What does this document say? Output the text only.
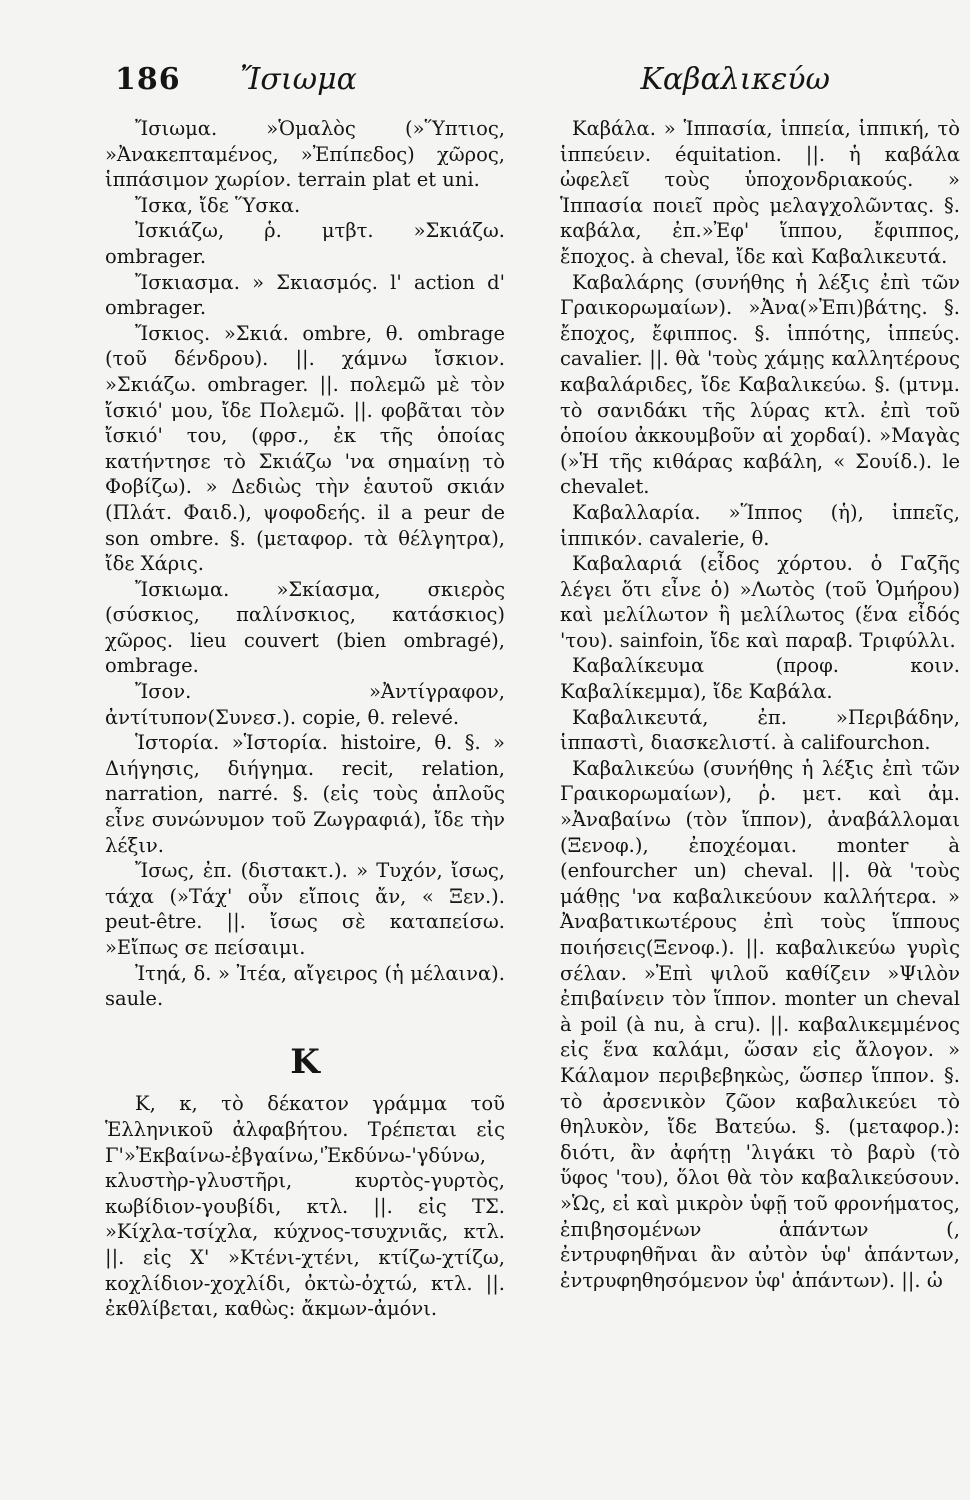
186 Ἴσιωμα	Καβαλικεύω

Ἴσιωμα. »Ὁμαλὸς (»Ὕπτιος, »Ἀνακεπταμένος, »Ἐπίπεδος) χῶρος, ἱππάσιμον χωρίον. terrain plat et uni.

Ἴσκα, ἴδε Ὕσκα.

Ἰσκιάζω, ῥ. μτβτ. »Σκιάζω. ombrager.

Ἴσκιασμα. » Σκιασμός. l' action d' ombrager.

Ἴσκιος. »Σκιά. ombre, θ. ombrage (τοῦ δένδρου). ||. χάμνω ἴσκιον. »Σκιάζω. ombrager. ||. πολεμῶ μὲ τὸν ἴσκιό' μου, ἴδε Πολεμῶ. ||. φοβᾶται τὸν ἴσκιό' του, (φρσ., ἐκ τῆς ὁποίας κατήντησε τὸ Σκιάζω 'να σημαίνῃ τὸ Φοβίζω). » Δεδιὼς τὴν ἑαυτοῦ σκιάν (Πλάτ. Φαιδ.), ψοφοδεής. il a peur de son ombre. §. (μεταφορ. τὰ θέλγητρα), ἴδε Χάρις.

Ἴσκιωμα. »Σκίασμα, σκιερὸς (σύσκιος, παλίνσκιος, κατάσκιος) χῶρος. lieu couvert (bien ombragé), ombrage.

Ἴσον. »Ἀντίγραφον, ἀντίτυπον(Συνεσ.). copie, θ. relevé.

Ἱστορία. »Ἱστορία. histoire, θ. §. » Διήγησις, διήγημα. recit, relation, narration, narré. §. (εἰς τοὺς ἁπλοῦς εἶνε συνώνυμον τοῦ Ζωγραφιά), ἴδε τὴν λέξιν.

Ἴσως, ἐπ. (διστακτ.). » Τυχόν, ἴσως, τάχα (»Τάχ' οὖν εἴποις ἄν, « Ξεν.). peut-être. ||. ἴσως σὲ καταπείσω. »Εἴπως σε πείσαιμι.

Ἰτηά, δ. » Ἰτέα, αἴγειρος (ἡ μέλαινα). saule.

K

Κ, κ, τὸ δέκατον γράμμα τοῦ Ἑλληνικοῦ ἀλφαβήτου. Τρέπεται εἰς Γ'»Ἐκβαίνω-ἐβγαίνω,'Ἐκδύνω-'γδύνω, κλυστὴρ-γλυστῆρι, κυρτὸς-γυρτὸς, κωβίδιον-γουβίδι, κτλ. ||. εἰς ΤΣ. »Κίχλα-τσίχλα, κύχνος-τσυχνιᾶς, κτλ. ||. εἰς Χ' »Κτένι-χτένι, κτίζω-χτίζω, κοχλίδιον-χοχλίδι, ὀκτὼ-ὀχτώ, κτλ. ||. ἐκθλίβεται, καθὼς: ἄκμων-ἀμόνι.

Καβάλα. » Ἱππασία, ἱππεία, ἱππική, τὸ ἱππεύειν. équitation. ||. ἡ καβάλα ὠφελεῖ τοὺς ὑποχονδριακούς. » Ἱππασία ποιεῖ πρὸς μελαγχολῶντας. §. καβάλα, ἐπ.»Ἐφ' ἵππου, ἔφιππος, ἔποχος. à cheval, ἴδε καὶ Καβαλικευτά.

Καβαλάρης (συνήθης ἡ λέξις ἐπὶ τῶν Γραικορωμαίων). »Ἀνα(»Ἐπι)βάτης. §. ἔποχος, ἔφιππος. §. ἱππότης, ἱππεύς. cavalier. ||. θὰ 'τοὺς χάμῃς καλλητέρους καβαλάριδες, ἴδε Καβαλικεύω. §. (μτνμ. τὸ σανιδάκι τῆς λύρας κτλ. ἐπὶ τοῦ ὁποίου ἀκκουμβοῦν αἱ χορδαί). »Μαγὰς (»Ἡ τῆς κιθάρας καβάλη, « Σουίδ.). le chevalet.

Καβαλλαρία. »Ἵππος (ἡ), ἱππεῖς, ἱππικόν. cavalerie, θ.

Καβαλαριά (εἶδος χόρτου. ὁ Γαζῆς λέγει ὅτι εἶνε ὁ) »Λωτὸς (τοῦ Ὁμήρου) καὶ μελίλωτον ἢ μελίλωτος (ἕνα εἶδός 'του). sainfoin, ἴδε καὶ παραβ. Τριφύλλι.

Καβαλίκευμα (προφ. κοιν. Καβαλίκεμμα), ἴδε Καβάλα.

Καβαλικευτά, ἐπ. »Περιβάδην, ἱππαστὶ, διασκελιστί. à califourchon.

Καβαλικεύω (συνήθης ἡ λέξις ἐπὶ τῶν Γραικορωμαίων), ῥ. μετ. καὶ ἀμ. »Ἀναβαίνω (τὸν ἵππον), ἀναβάλλομαι (Ξενοφ.), ἐποχέομαι. monter à (enfourcher un) cheval. ||. θὰ 'τοὺς μάθῃς 'να καβαλικεύουν καλλήτερα. » Ἀναβατικωτέρους ἐπὶ τοὺς ἵππους ποιήσεις(Ξενοφ.). ||. καβαλικεύω γυρὶς σέλαν. »Ἐπὶ ψιλοῦ καθίζειν »Ψιλὸν ἐπιβαίνειν τὸν ἵππον. monter un cheval à poil (à nu, à cru). ||. καβαλικεμμένος εἰς ἕνα καλάμι, ὥσαν εἰς ἄλογον. » Κάλαμον περιβεβηκὼς, ὥσπερ ἵππον. §. τὸ ἀρσενικὸν ζῶον καβαλικεύει τὸ θηλυκὸν, ἴδε Βατεύω. §. (μεταφορ.): διότι, ἂν ἀφήτῃ 'λιγάκι τὸ βαρὺ (τὸ ὕφος 'του), ὅλοι θὰ τὸν καβαλικεύσουν. »Ὡς, εἰ καὶ μικρὸν ὑφῇ τοῦ φρονήματος, ἐπιβησομένων ἁπάντων (, ἐντρυφηθῆναι ἂν αὐτὸν ὑφ' ἁπάντων, ἐντρυφηθησόμενον ὑφ' ἁπάντων). ||. ὡ
